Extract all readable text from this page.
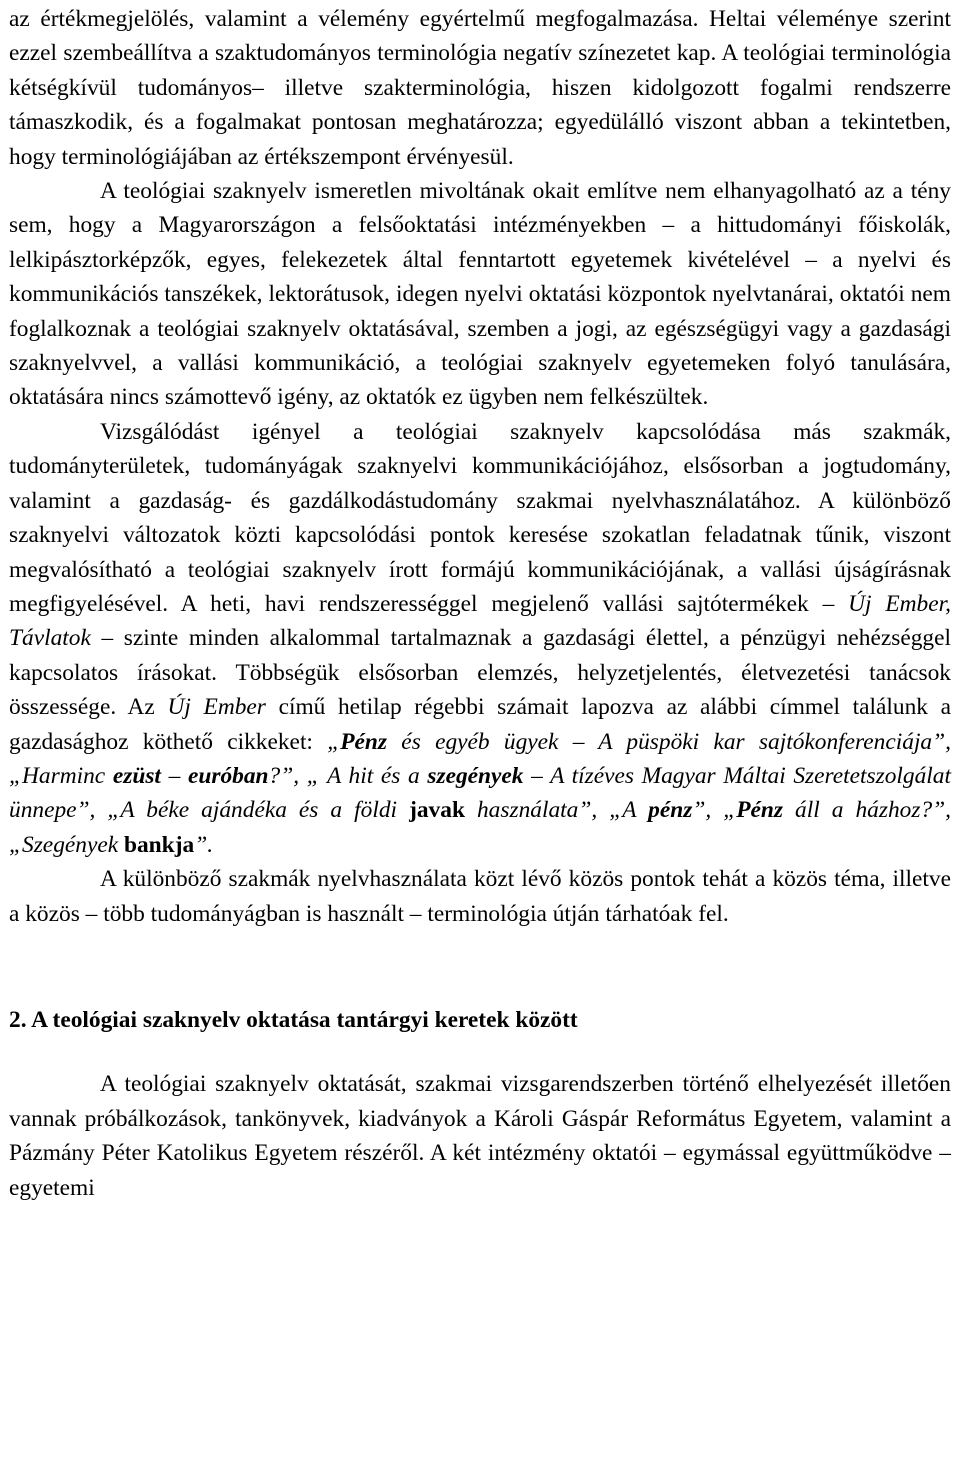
az értékmegjelölés, valamint a vélemény egyértelmű megfogalmazása. Heltai véleménye szerint ezzel szembeállítva a szaktudományos terminológia negatív színezetet kap. A teológiai terminológia kétségkívül tudományos– illetve szakterminológia, hiszen kidolgozott fogalmi rendszerre támaszkodik, és a fogalmakat pontosan meghatározza; egyedülálló viszont abban a tekintetben, hogy terminológiájában az értékszempont érvényesül.

A teológiai szaknyelv ismeretlen mivoltának okait említve nem elhanyagolható az a tény sem, hogy a Magyarországon a felsőoktatási intézményekben – a hittudományi főiskolák, lelkipásztorképzők, egyes, felekezetek által fenntartott egyetemek kivételével – a nyelvi és kommunikációs tanszékek, lektorátusok, idegen nyelvi oktatási központok nyelvtanárai, oktatói nem foglalkoznak a teológiai szaknyelv oktatásával, szemben a jogi, az egészségügyi vagy a gazdasági szaknyelvvel, a vallási kommunikáció, a teológiai szaknyelv egyetemeken folyó tanulására, oktatására nincs számottevő igény, az oktatók ez ügyben nem felkészültek.

Vizsgálódást igényel a teológiai szaknyelv kapcsolódása más szakmák, tudományterületek, tudományágak szaknyelvi kommunikációjához, elsősorban a jogtudomány, valamint a gazdaság- és gazdálkodástudomány szakmai nyelvhasználatához. A különböző szaknyelvi változatok közti kapcsolódási pontok keresése szokatlan feladatnak tűnik, viszont megvalósítható a teológiai szaknyelv írott formájú kommunikációjának, a vallási újságírásnak megfigyelésével. A heti, havi rendszerességgel megjelenő vallási sajtótermékek – Új Ember, Távlatok – szinte minden alkalommal tartalmaznak a gazdasági élettel, a pénzügyi nehézséggel kapcsolatos írásokat. Többségük elsősorban elemzés, helyzetjelentés, életvezetési tanácsok összessége. Az Új Ember című hetilap régebbi számait lapozva az alábbi címmel találunk a gazdasághoz köthető cikkeket: „Pénz és egyéb ügyek – A püspöki kar sajtókonferenciája”, „Harminc ezüst – euróban?”, „ A hit és a szegények – A tízéves Magyar Máltai Szeretetszolgálat ünnepe”, „A béke ajándéka és a földi javak használata”, „A pénz”, „Pénz áll a házhoz?”, „Szegények bankja”.

A különböző szakmák nyelvhasználata közt lévő közös pontok tehát a közös téma, illetve a közös – több tudományágban is használt – terminológia útján tárhatóak fel.

2. A teológiai szaknyelv oktatása tantárgyi keretek között

A teológiai szaknyelv oktatását, szakmai vizsgarendszerben történő elhelyezését illetően vannak próbálkozások, tankönyvek, kiadványok a Károli Gáspár Református Egyetem, valamint a Pázmány Péter Katolikus Egyetem részéről. A két intézmény oktatói – egymással együttműködve – egyetemi
